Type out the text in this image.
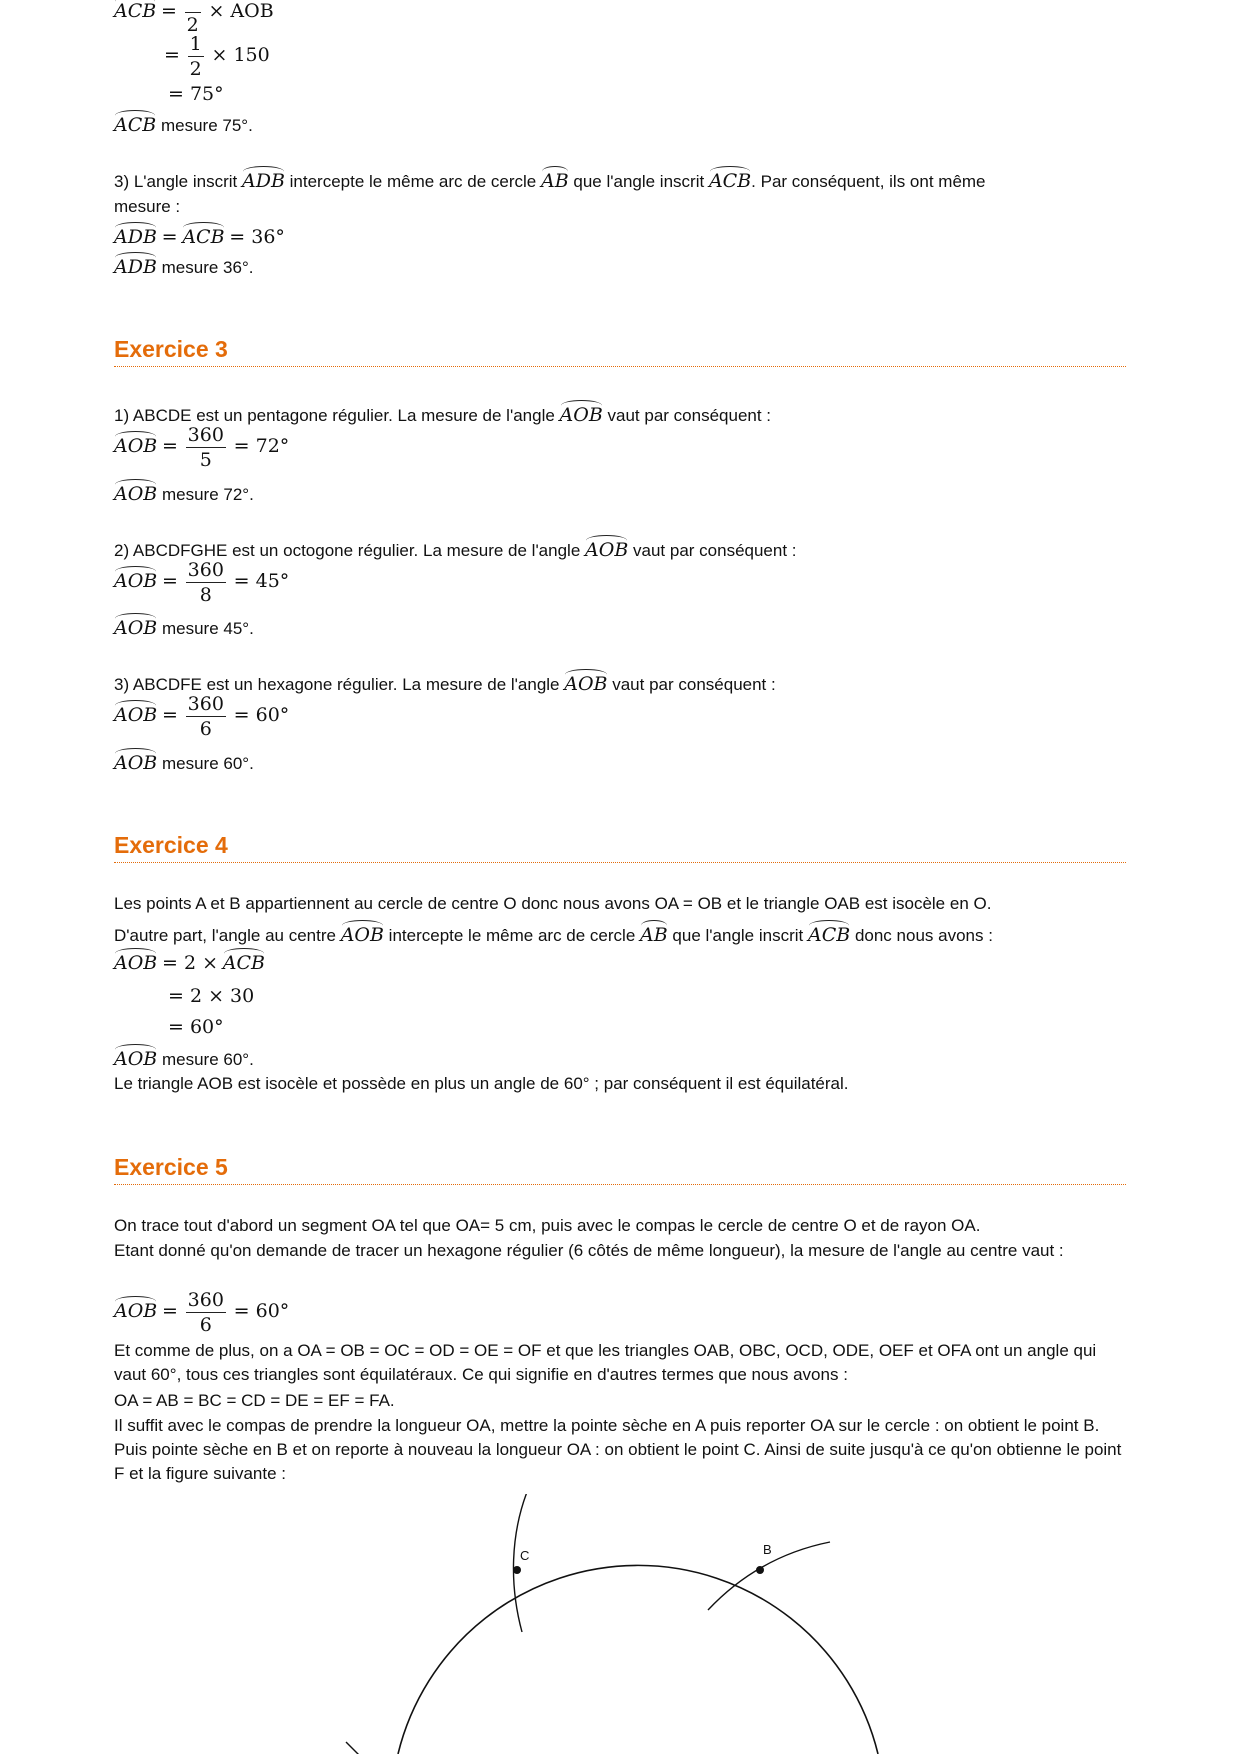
ACB =

2
× AOB
= $\frac{1}{2} \times 150$
= 75°
ACB mesure 75°.
3) L'angle inscrit ADB intercepte le même arc de cercle AB que l'angle inscrit ACB. Par conséquent, ils ont même
mesure :
ADB = ACB = 36°
ADB mesure 36°.
Exercice 3
1) ABCDE est un pentagone régulier. La mesure de l'angle AOB vaut par conséquent :
AOB = $\frac{360}{5} = 72^\circ$
AOB mesure 72°.
2) ABCDFGHE est un octogone régulier. La mesure de l'angle AOB vaut par conséquent :
AOB = $\frac{360}{8} = 45^\circ$
AOB mesure 45°.
3) ABCDFE est un hexagone régulier. La mesure de l'angle AOB vaut par conséquent :
AOB = $\frac{360}{6} = 60^\circ$
AOB mesure 60°.
Exercice 4
Les points A et B appartiennent au cercle de centre O donc nous avons OA = OB et le triangle OAB est isocèle en O.
D'autre part, l'angle au centre AOB intercepte le même arc de cercle AB que l'angle inscrit ACB donc nous avons :
AOB = 2 × ACB
= 2 × 30
= 60°
AOB mesure 60°.
Le triangle AOB est isocèle et possède en plus un angle de 60° ; par conséquent il est équilatéral.
Exercice 5
On trace tout d'abord un segment OA tel que OA= 5 cm, puis avec le compas le cercle de centre O et de rayon OA.
Etant donné qu'on demande de tracer un hexagone régulier (6 côtés de même longueur), la mesure de l'angle au centre vaut :
AOB = $\frac{360}{6} = 60^\circ$
Et comme de plus, on a OA = OB = OC = OD = OE = OF et que les triangles OAB, OBC, OCD, ODE, OEF et OFA ont un angle qui vaut 60°, tous ces triangles sont équilatéraux. Ce qui signifie en d'autres termes que nous avons :
OA = AB = BC = CD = DE = EF = FA.
Il suffit avec le compas de prendre la longueur OA, mettre la pointe sèche en A puis reporter OA sur le cercle : on obtient le point B. Puis pointe sèche en B et on reporte à nouveau la longueur OA : on obtient le point C. Ainsi de suite jusqu'à ce qu'on obtienne le point F et la figure suivante :
C	B
